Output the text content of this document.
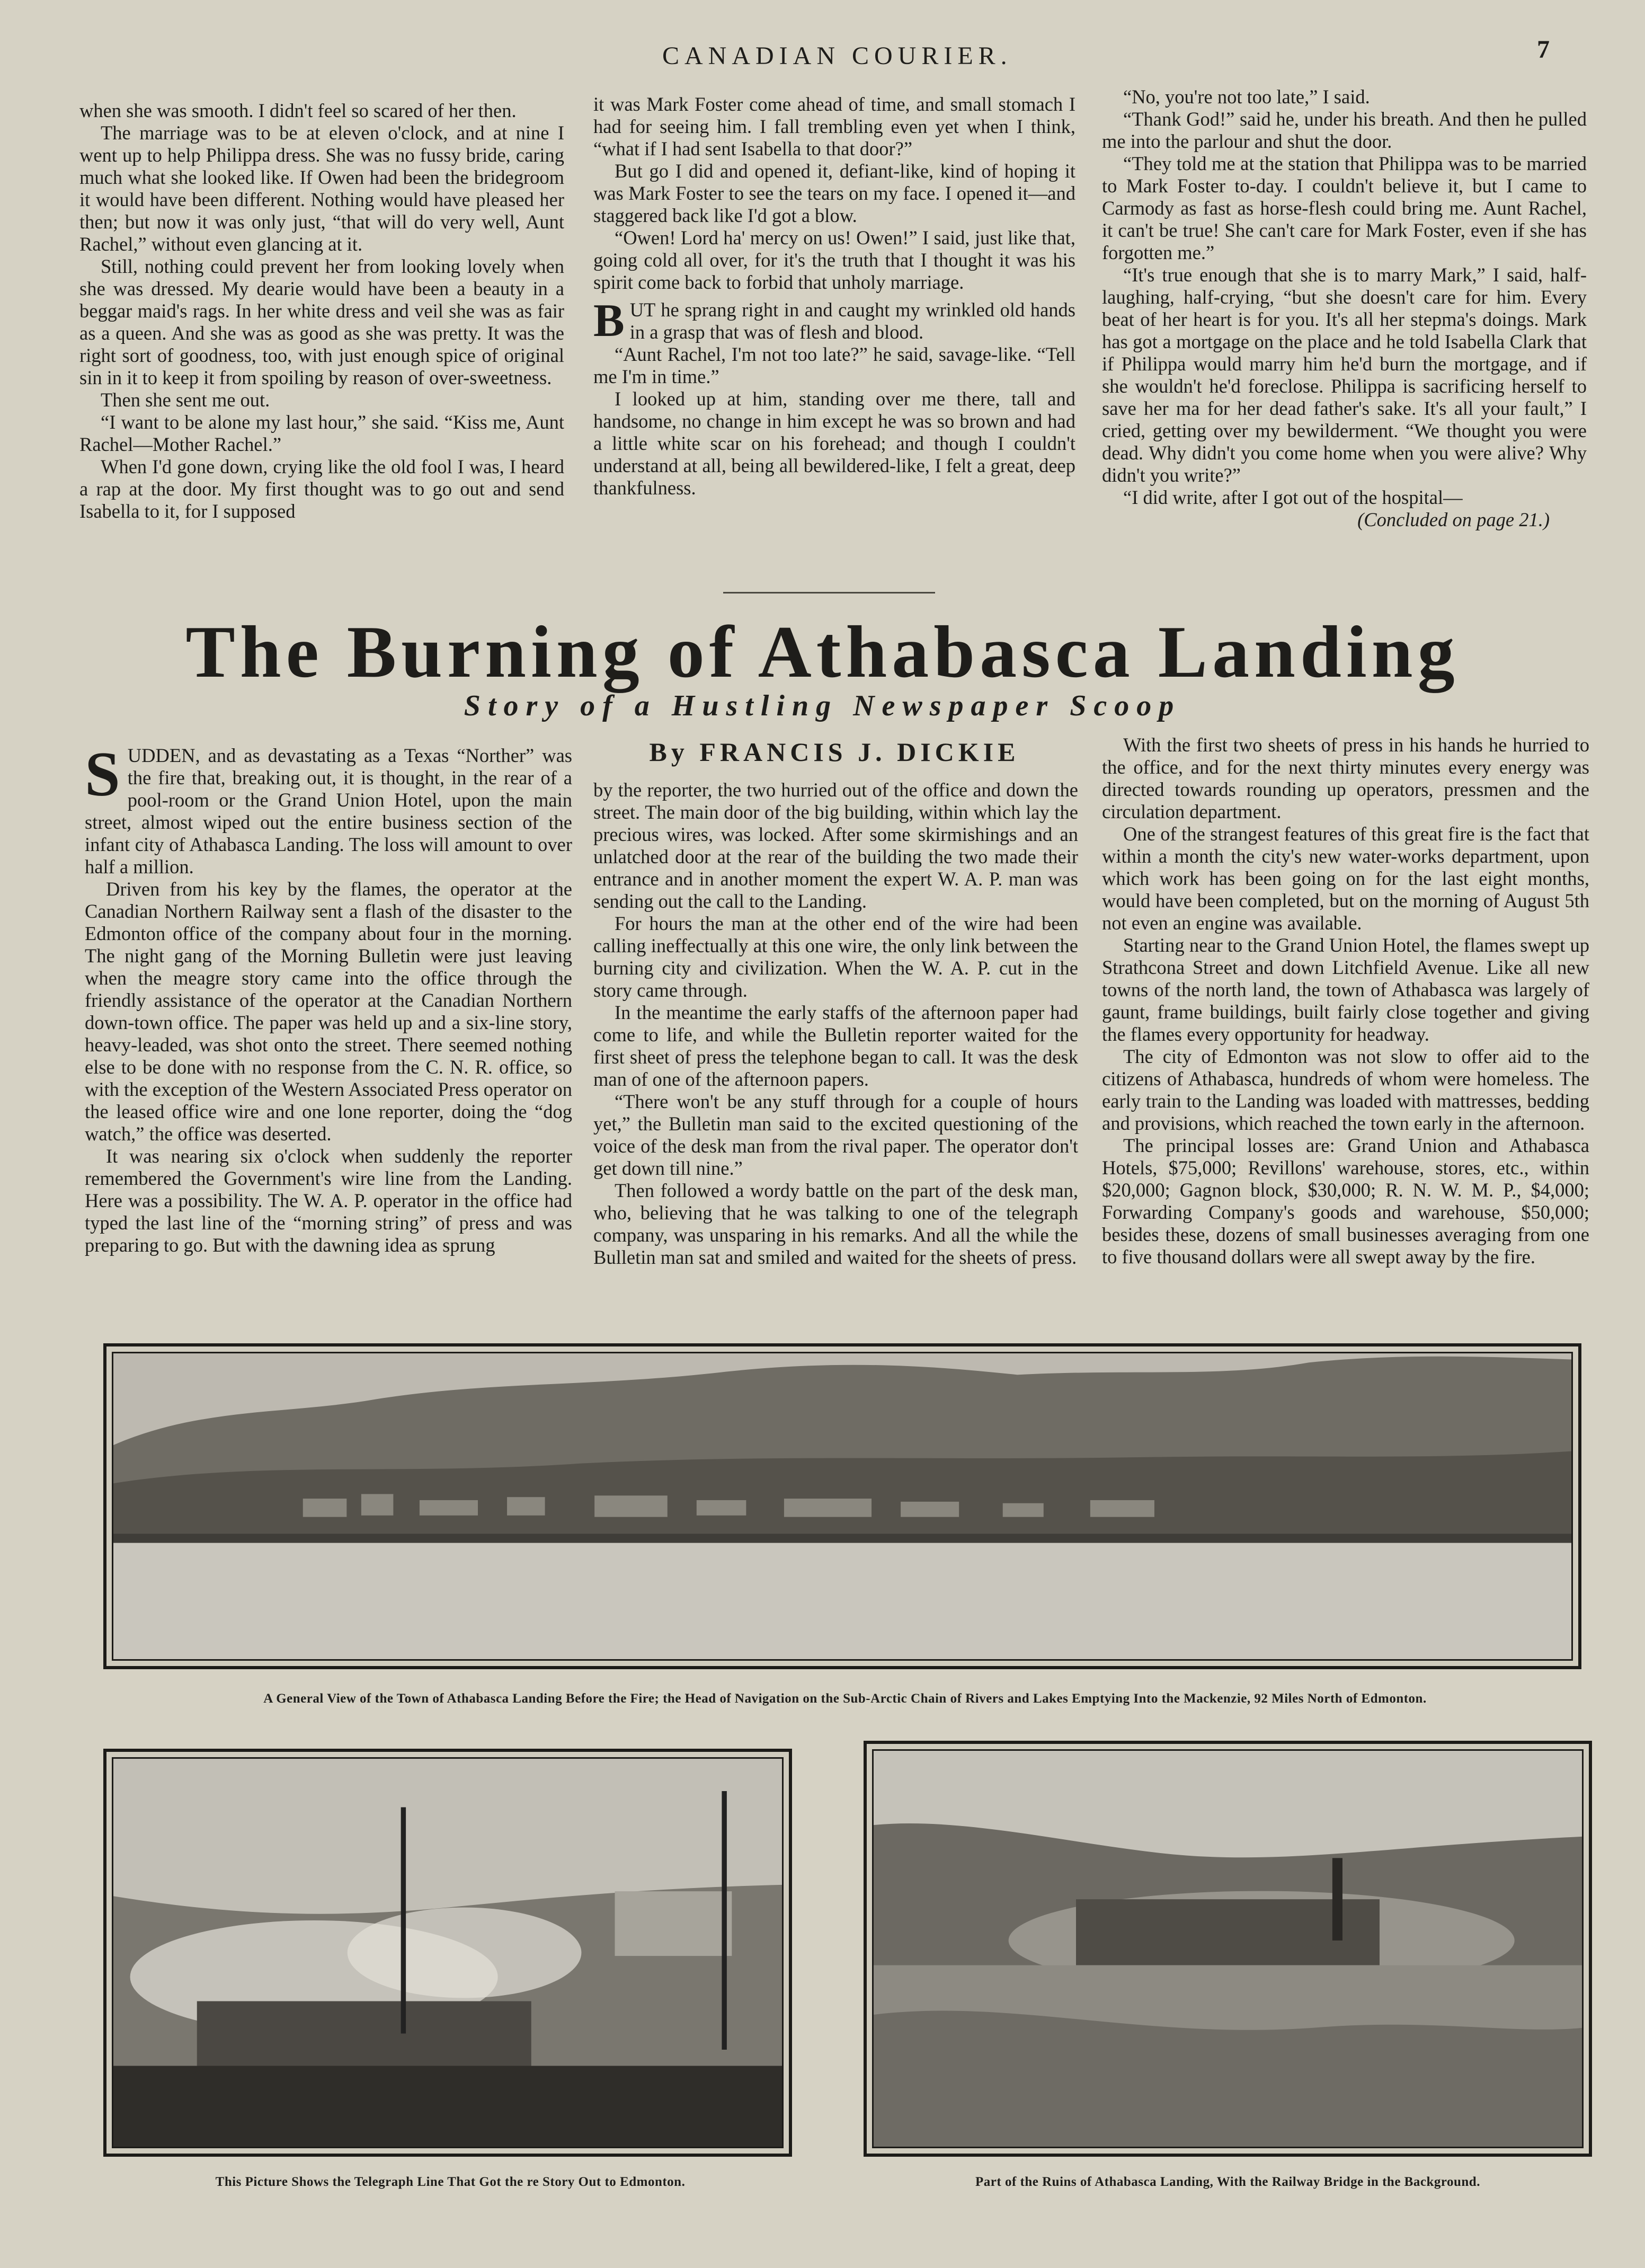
CANADIAN COURIER.	7

when she was smooth. I didn't feel so scared of her then.

The marriage was to be at eleven o'clock, and at nine I went up to help Philippa dress. She was no fussy bride, caring much what she looked like. If Owen had been the bridegroom it would have been different. Nothing would have pleased her then; but now it was only just, “that will do very well, Aunt Rachel,” without even glancing at it.

Still, nothing could prevent her from looking lovely when she was dressed. My dearie would have been a beauty in a beggar maid's rags. In her white dress and veil she was as fair as a queen. And she was as good as she was pretty. It was the right sort of goodness, too, with just enough spice of original sin in it to keep it from spoiling by reason of over-sweetness.

Then she sent me out.

“I want to be alone my last hour,” she said. “Kiss me, Aunt Rachel—Mother Rachel.”

When I'd gone down, crying like the old fool I was, I heard a rap at the door. My first thought was to go out and send Isabella to it, for I supposed

it was Mark Foster come ahead of time, and small stomach I had for seeing him. I fall trembling even yet when I think, “what if I had sent Isabella to that door?”

But go I did and opened it, defiant-like, kind of hoping it was Mark Foster to see the tears on my face. I opened it—and staggered back like I'd got a blow.

“Owen! Lord ha' mercy on us! Owen!” I said, just like that, going cold all over, for it's the truth that I thought it was his spirit come back to forbid that unholy marriage.

BUT he sprang right in and caught my wrinkled old hands in a grasp that was of flesh and blood.

“Aunt Rachel, I'm not too late?” he said, savage-like. “Tell me I'm in time.”

I looked up at him, standing over me there, tall and handsome, no change in him except he was so brown and had a little white scar on his forehead; and though I couldn't understand at all, being all bewildered-like, I felt a great, deep thankfulness.

“No, you're not too late,” I said.

“Thank God!” said he, under his breath. And then he pulled me into the parlour and shut the door.

“They told me at the station that Philippa was to be married to Mark Foster to-day. I couldn't believe it, but I came to Carmody as fast as horse-flesh could bring me. Aunt Rachel, it can't be true! She can't care for Mark Foster, even if she has forgotten me.”

“It's true enough that she is to marry Mark,” I said, half-laughing, half-crying, “but she doesn't care for him. Every beat of her heart is for you. It's all her stepma's doings. Mark has got a mortgage on the place and he told Isabella Clark that if Philippa would marry him he'd burn the mortgage, and if she wouldn't he'd foreclose. Philippa is sacrificing herself to save her ma for her dead father's sake. It's all your fault,” I cried, getting over my bewilderment. “We thought you were dead. Why didn't you come home when you were alive? Why didn't you write?”

“I did write, after I got out of the hospital—

(Concluded on page 21.)

The Burning of Athabasca Landing
Story of a Hustling Newspaper Scoop
By FRANCIS J. DICKIE

SUDDEN, and as devastating as a Texas “Norther” was the fire that, breaking out, it is thought, in the rear of a pool-room or the Grand Union Hotel, upon the main street, almost wiped out the entire business section of the infant city of Athabasca Landing. The loss will amount to over half a million.

Driven from his key by the flames, the operator at the Canadian Northern Railway sent a flash of the disaster to the Edmonton office of the company about four in the morning. The night gang of the Morning Bulletin were just leaving when the meagre story came into the office through the friendly assistance of the operator at the Canadian Northern down-town office. The paper was held up and a six-line story, heavy-leaded, was shot onto the street. There seemed nothing else to be done with no response from the C. N. R. office, so with the exception of the Western Associated Press operator on the leased office wire and one lone reporter, doing the “dog watch,” the office was deserted.

It was nearing six o'clock when suddenly the reporter remembered the Government's wire line from the Landing. Here was a possibility. The W. A. P. operator in the office had typed the last line of the “morning string” of press and was preparing to go. But with the dawning idea as sprung

by the reporter, the two hurried out of the office and down the street. The main door of the big building, within which lay the precious wires, was locked. After some skirmishings and an unlatched door at the rear of the building the two made their entrance and in another moment the expert W. A. P. man was sending out the call to the Landing.

For hours the man at the other end of the wire had been calling ineffectually at this one wire, the only link between the burning city and civilization. When the W. A. P. cut in the story came through.

In the meantime the early staffs of the afternoon paper had come to life, and while the Bulletin reporter waited for the first sheet of press the telephone began to call. It was the desk man of one of the afternoon papers.

“There won't be any stuff through for a couple of hours yet,” the Bulletin man said to the excited questioning of the voice of the desk man from the rival paper. The operator don't get down till nine.”

Then followed a wordy battle on the part of the desk man, who, believing that he was talking to one of the telegraph company, was unsparing in his remarks. And all the while the Bulletin man sat and smiled and waited for the sheets of press.

With the first two sheets of press in his hands he hurried to the office, and for the next thirty minutes every energy was directed towards rounding up operators, pressmen and the circulation department.

One of the strangest features of this great fire is the fact that within a month the city's new water-works department, upon which work has been going on for the last eight months, would have been completed, but on the morning of August 5th not even an engine was available.

Starting near to the Grand Union Hotel, the flames swept up Strathcona Street and down Litchfield Avenue. Like all new towns of the north land, the town of Athabasca was largely of gaunt, frame buildings, built fairly close together and giving the flames every opportunity for headway.

The city of Edmonton was not slow to offer aid to the citizens of Athabasca, hundreds of whom were homeless. The early train to the Landing was loaded with mattresses, bedding and provisions, which reached the town early in the afternoon.

The principal losses are: Grand Union and Athabasca Hotels, $75,000; Revillons' warehouse, stores, etc., within $20,000; Gagnon block, $30,000; R. N. W. M. P., $4,000; Forwarding Company's goods and warehouse, $50,000; besides these, dozens of small businesses averaging from one to five thousand dollars were all swept away by the fire.

A General View of the Town of Athabasca Landing Before the Fire; the Head of Navigation on the Sub-Arctic Chain of Rivers and Lakes Emptying Into the Mackenzie, 92 Miles North of Edmonton.
This Picture Shows the Telegraph Line That Got the re Story Out to Edmonton.	Part of the Ruins of Athabasca Landing, With the Railway Bridge in the Background.
